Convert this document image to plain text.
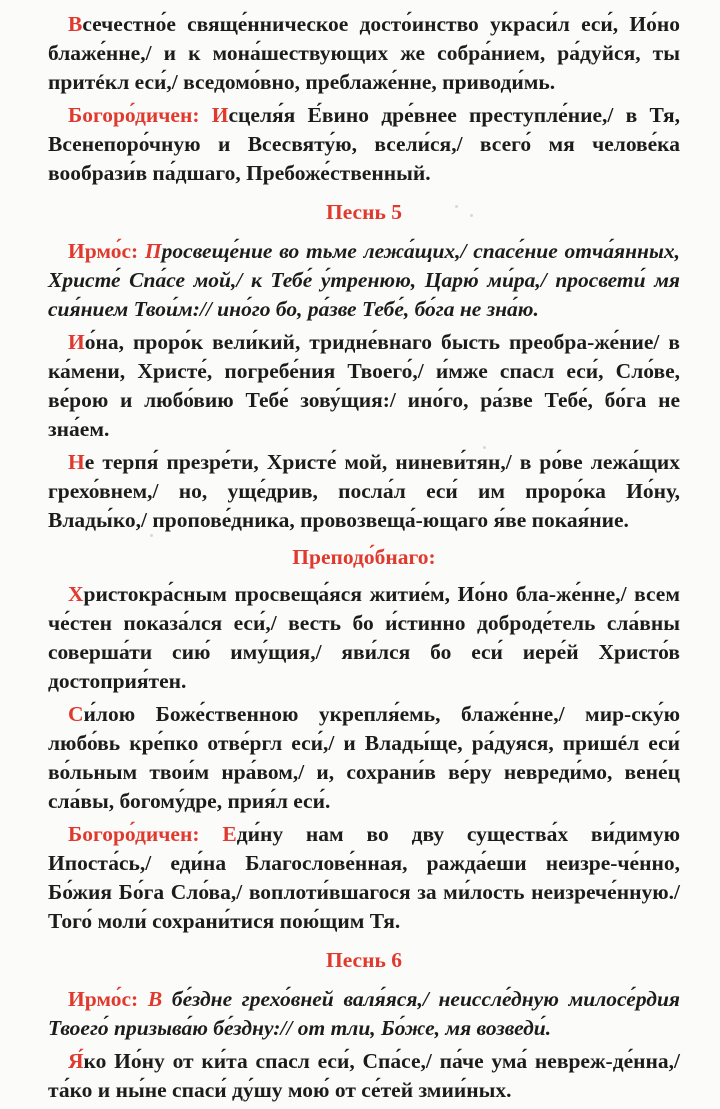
Всечестно́е свяще́нническое досто́инство украси́л еси́, Ио́но блаже́нне,/ и к мона́шествующих же собра́нием, ра́дуйся, ты притéкл еси́,/ вседомо́вно, преблаже́нне, приводи́мь.

Богоро́дичен: Исцеля́я Е́вино дре́внее преступле́ние,/ в Тя, Всенепоро́чную и Всесвяту́ю, всели́ся,/ всего́ мя челове́ка вообрази́в па́дшаго, Пребоже́ственный.

Песнь 5

Ирмо́с: Просвеще́ние во тьме лежа́щих,/ спасе́ние отча́янных, Христе́ Спа́се мой,/ к Тебе́ у́тренюю, Царю́ ми́ра,/ просвети́ мя сия́нием Твои́м:// ино́го бо, ра́зве Тебе́, бо́га не зна́ю.

Ио́на, проро́к вели́кий, тридне́внаго бысть преобра-же́ние/ в ка́мени, Христе́, погребе́ния Твоего́,/ и́мже спасл еси́, Сло́ве, ве́рою и любо́вию Тебе́ зову́щия:/ ино́го, ра́зве Тебе́, бо́га не зна́ем.

Не терпя́ презре́ти, Христе́ мой, ниневи́тян,/ в ро́ве лежа́щих грехо́внем,/ но, уще́дрив, посла́л еси́ им проро́ка Ио́ну, Влады́ко,/ пропове́дника, провозвеща́-ющаго я́ве покая́ние.

Преподо́бнаго:

Христокра́сным просвеща́яся житие́м, Ио́но бла-же́нне,/ всем че́стен показа́лся еси́,/ весть бо и́стинно доброде́тель сла́вны соверша́ти сию́ иму́щия,/ яви́лся бо еси́ иере́й Христо́в достоприя́тен.

Си́лою Боже́ственною укрепля́емь, блаже́нне,/ мир-ску́ю любо́вь кре́пко отве́ргл еси́,/ и Влады́ще, ра́дуяся, пришéл еси́ во́льным твои́м нра́вом,/ и, сохрани́в ве́ру невреди́мо, вене́ц сла́вы, богому́дре, прия́л еси́.

Богоро́дичен: Еди́ну нам во дву существа́х ви́димую Ипоста́сь,/ еди́на Благослове́нная, ражда́еши неизре-че́нно, Бо́жия Бо́га Сло́ва,/ воплоти́вшагося за ми́лость неизрече́нную./ Того́ моли́ сохрани́тися пою́щим Тя.

Песнь 6

Ирмо́с: В бе́здне грехо́вней валя́яся,/ неиссле́дную милосе́рдия Твоего́ призыва́ю бе́здну:// от тли, Бо́же, мя возведи́.

Я́ко Ио́ну от ки́та спасл еси́, Спа́се,/ па́че ума́ невреж-де́нна,/ та́ко и ны́не спаси́ ду́шу мою́ от се́тей змии́ных.
